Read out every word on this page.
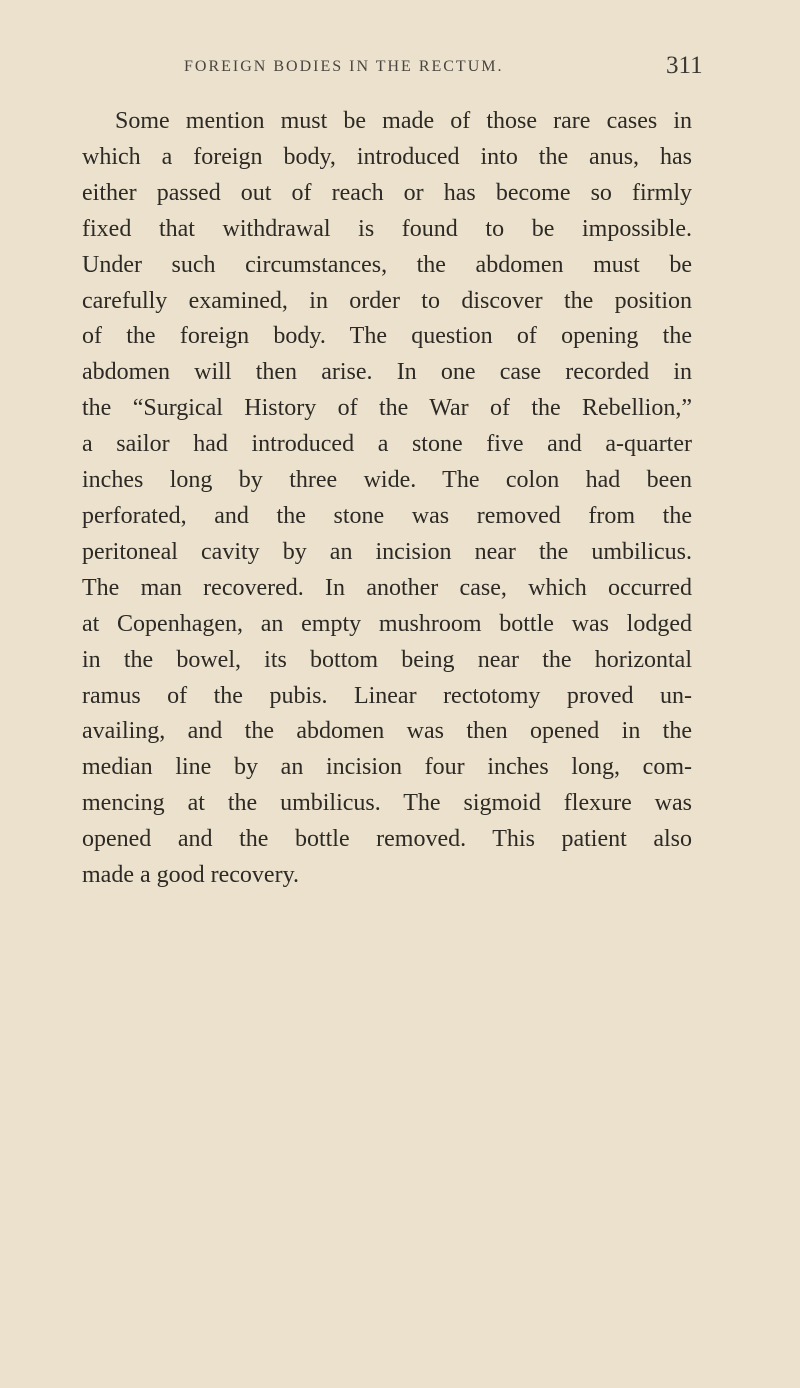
FOREIGN BODIES IN THE RECTUM.	311
Some mention must be made of those rare cases in
which a foreign body, introduced into the anus, has
either passed out of reach or has become so firmly
fixed that withdrawal is found to be impossible.
Under such circumstances, the abdomen must be
carefully examined, in order to discover the position
of the foreign body. The question of opening the
abdomen will then arise. In one case recorded in
the “Surgical History of the War of the Rebellion,”
a sailor had introduced a stone five and a-quarter
inches long by three wide. The colon had been
perforated, and the stone was removed from the
peritoneal cavity by an incision near the umbilicus.
The man recovered. In another case, which occurred
at Copenhagen, an empty mushroom bottle was lodged
in the bowel, its bottom being near the horizontal
ramus of the pubis. Linear rectotomy proved un-
availing, and the abdomen was then opened in the
median line by an incision four inches long, com-
mencing at the umbilicus. The sigmoid flexure was
opened and the bottle removed. This patient also
made a good recovery.
